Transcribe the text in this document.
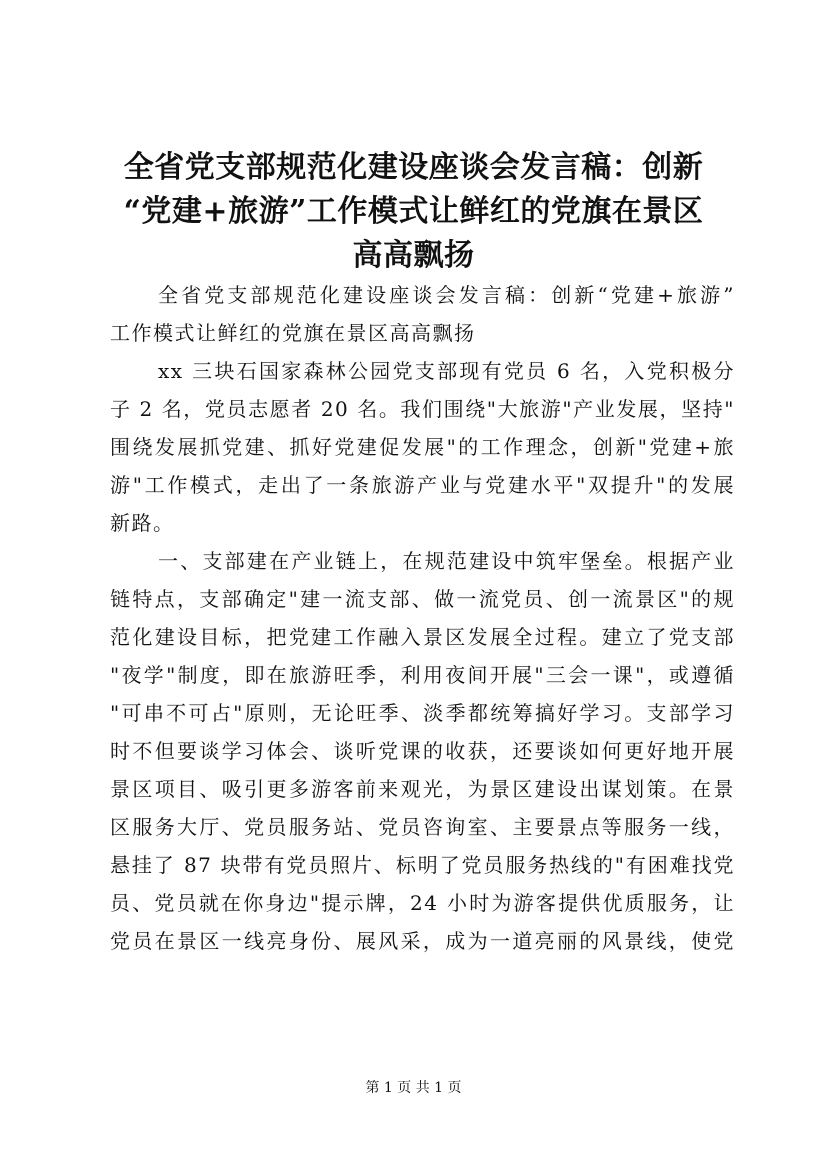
全省党支部规范化建设座谈会发言稿：创新
“党建+旅游”工作模式让鲜红的党旗在景区
高高飘扬
全省党支部规范化建设座谈会发言稿：创新“党建+旅游”
工作模式让鲜红的党旗在景区高高飘扬
xx 三块石国家森林公园党支部现有党员 6 名，入党积极分
子 2 名，党员志愿者 20 名。我们围绕"大旅游"产业发展，坚持"
围绕发展抓党建、抓好党建促发展"的工作理念，创新"党建+旅
游"工作模式，走出了一条旅游产业与党建水平"双提升"的发展
新路。
一、支部建在产业链上，在规范建设中筑牢堡垒。根据产业
链特点，支部确定"建一流支部、做一流党员、创一流景区"的规
范化建设目标，把党建工作融入景区发展全过程。建立了党支部
"夜学"制度，即在旅游旺季，利用夜间开展"三会一课"，或遵循
"可串不可占"原则，无论旺季、淡季都统筹搞好学习。支部学习
时不但要谈学习体会、谈听党课的收获，还要谈如何更好地开展
景区项目、吸引更多游客前来观光，为景区建设出谋划策。在景
区服务大厅、党员服务站、党员咨询室、主要景点等服务一线，
悬挂了 87 块带有党员照片、标明了党员服务热线的"有困难找党
员、党员就在你身边"提示牌，24 小时为游客提供优质服务，让
党员在景区一线亮身份、展风采，成为一道亮丽的风景线，使党
第 1 页 共 1 页
